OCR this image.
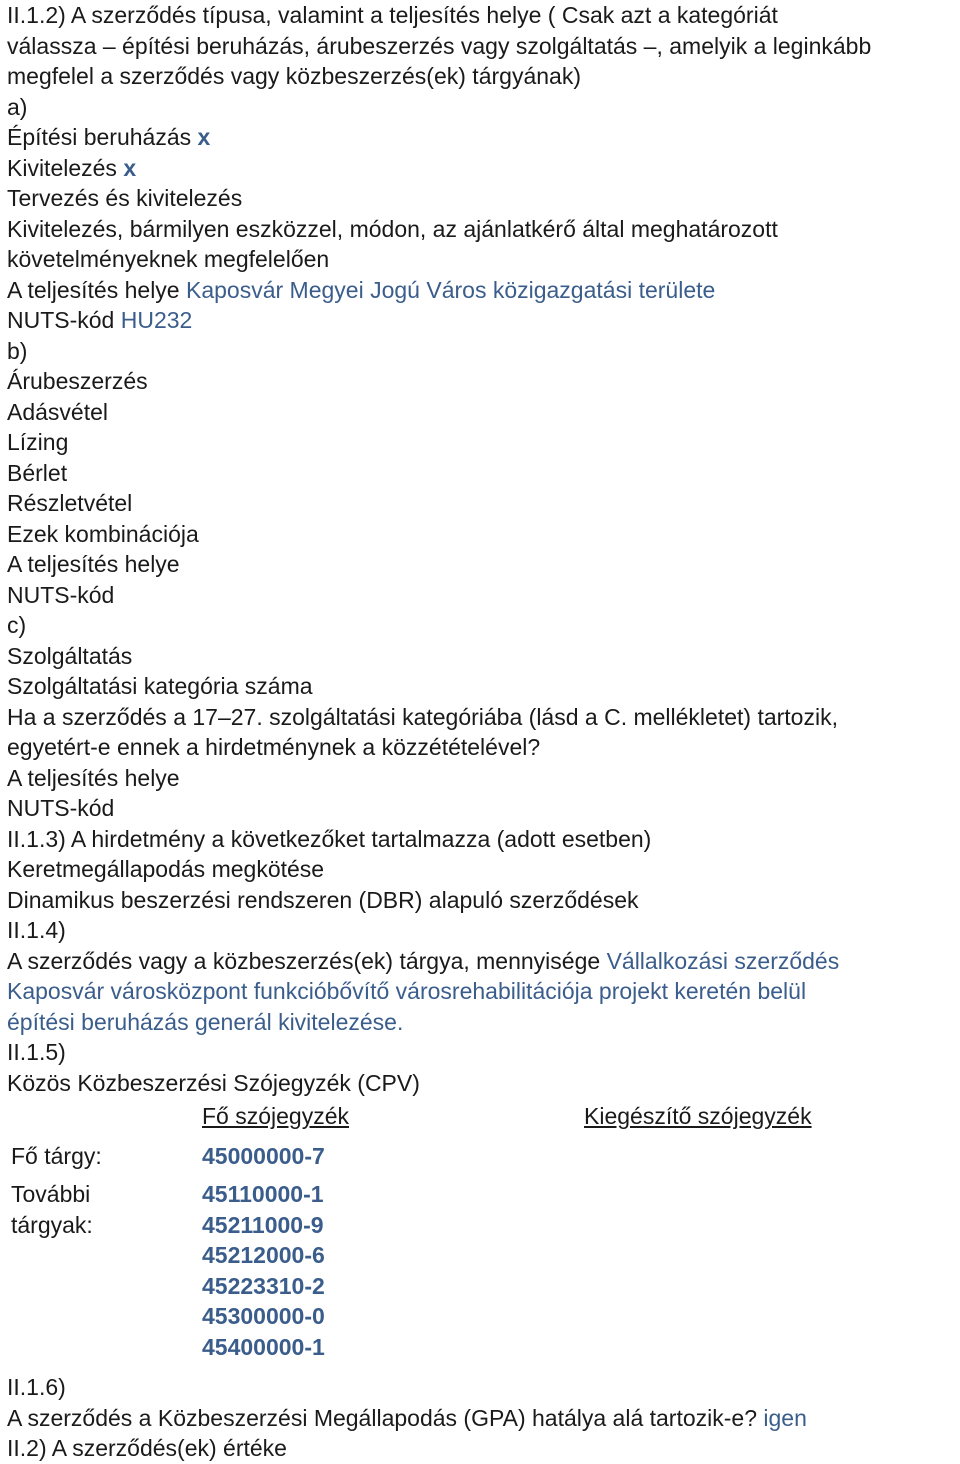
II.1.2) A szerződés típusa, valamint a teljesítés helye ( Csak azt a kategóriát
válassza – építési beruházás, árubeszerzés vagy szolgáltatás –, amelyik a leginkább
megfelel a szerződés vagy közbeszerzés(ek) tárgyának)
a)
Építési beruházás x
Kivitelezés x
Tervezés és kivitelezés
Kivitelezés, bármilyen eszközzel, módon, az ajánlatkérő által meghatározott
követelményeknek megfelelően
A teljesítés helye Kaposvár Megyei Jogú Város közigazgatási területe
NUTS-kód HU232
b)
Árubeszerzés
Adásvétel
Lízing
Bérlet
Részletvétel
Ezek kombinációja
A teljesítés helye
NUTS-kód
c)
Szolgáltatás
Szolgáltatási kategória száma
Ha a szerződés a 17–27. szolgáltatási kategóriába (lásd a C. mellékletet) tartozik,
egyetért-e ennek a hirdetménynek a közzétételével?
A teljesítés helye
NUTS-kód
II.1.3) A hirdetmény a következőket tartalmazza (adott esetben)
Keretmegállapodás megkötése
Dinamikus beszerzési rendszeren (DBR) alapuló szerződések
II.1.4)
A szerződés vagy a közbeszerzés(ek) tárgya, mennyisége Vállalkozási szerződés
Kaposvár városközpont funkcióbővítő városrehabilitációja projekt keretén belül
építési beruházás generál kivitelezése.
II.1.5)
Közös Közbeszerzési Szójegyzék (CPV)
Fő szójegyzék	Kiegészítő szójegyzék
Fő tárgy:	45000000-7
További	45110000-1
tárgyak:	45211000-9
45212000-6
45223310-2
45300000-0
45400000-1
II.1.6)
A szerződés a Közbeszerzési Megállapodás (GPA) hatálya alá tartozik-e? igen
II.2) A szerződés(ek) értéke
